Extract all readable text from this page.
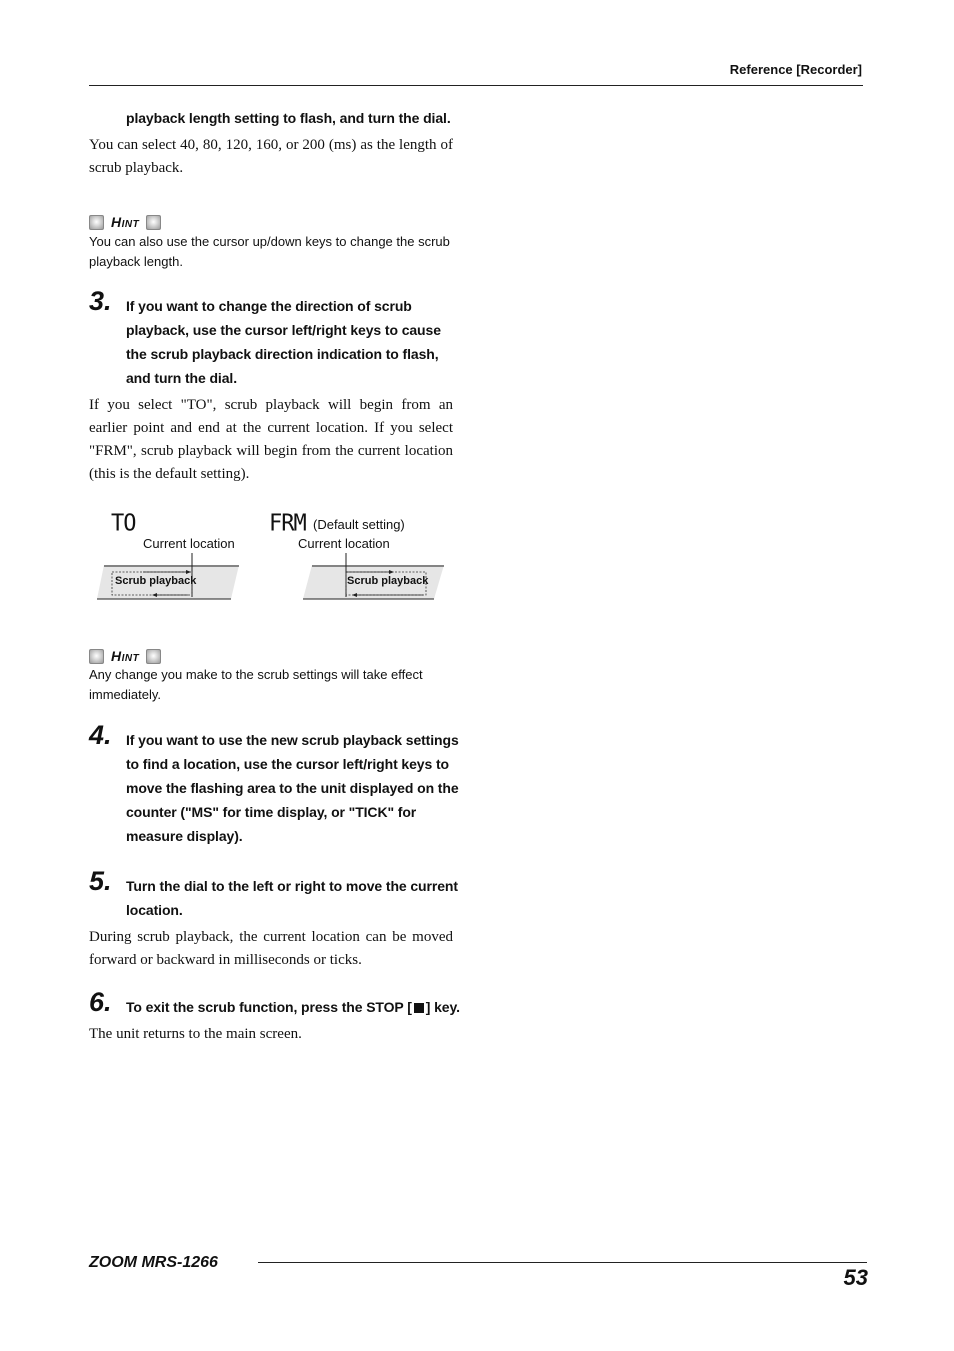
Reference [Recorder]
playback length setting to flash, and turn the dial.
You can select 40, 80, 120, 160, or 200 (ms) as the length of scrub playback.
Hint
You can also use the cursor up/down keys to change the scrub playback length.
3. If you want to change the direction of scrub
playback, use the cursor left/right keys to cause
the scrub playback direction indication to flash,
and turn the dial.
If you select "TO", scrub playback will begin from an earlier point and end at the current location. If you select "FRM", scrub playback will begin from the current location (this is the default setting).
TO
Current location
FRM (Default setting)
Current location
Scrub playback	Scrub playback
Hint
Any change you make to the scrub settings will take effect immediately.
4. If you want to use the new scrub playback settings
to find a location, use the cursor left/right keys to
move the flashing area to the unit displayed on the
counter ("MS" for time display, or "TICK" for
measure display).
5. Turn the dial to the left or right to move the current
location.
During scrub playback, the current location can be moved forward or backward in milliseconds or ticks.
6. To exit the scrub function, press the STOP [ ] key.
The unit returns to the main screen.
ZOOM MRS-1266
53
